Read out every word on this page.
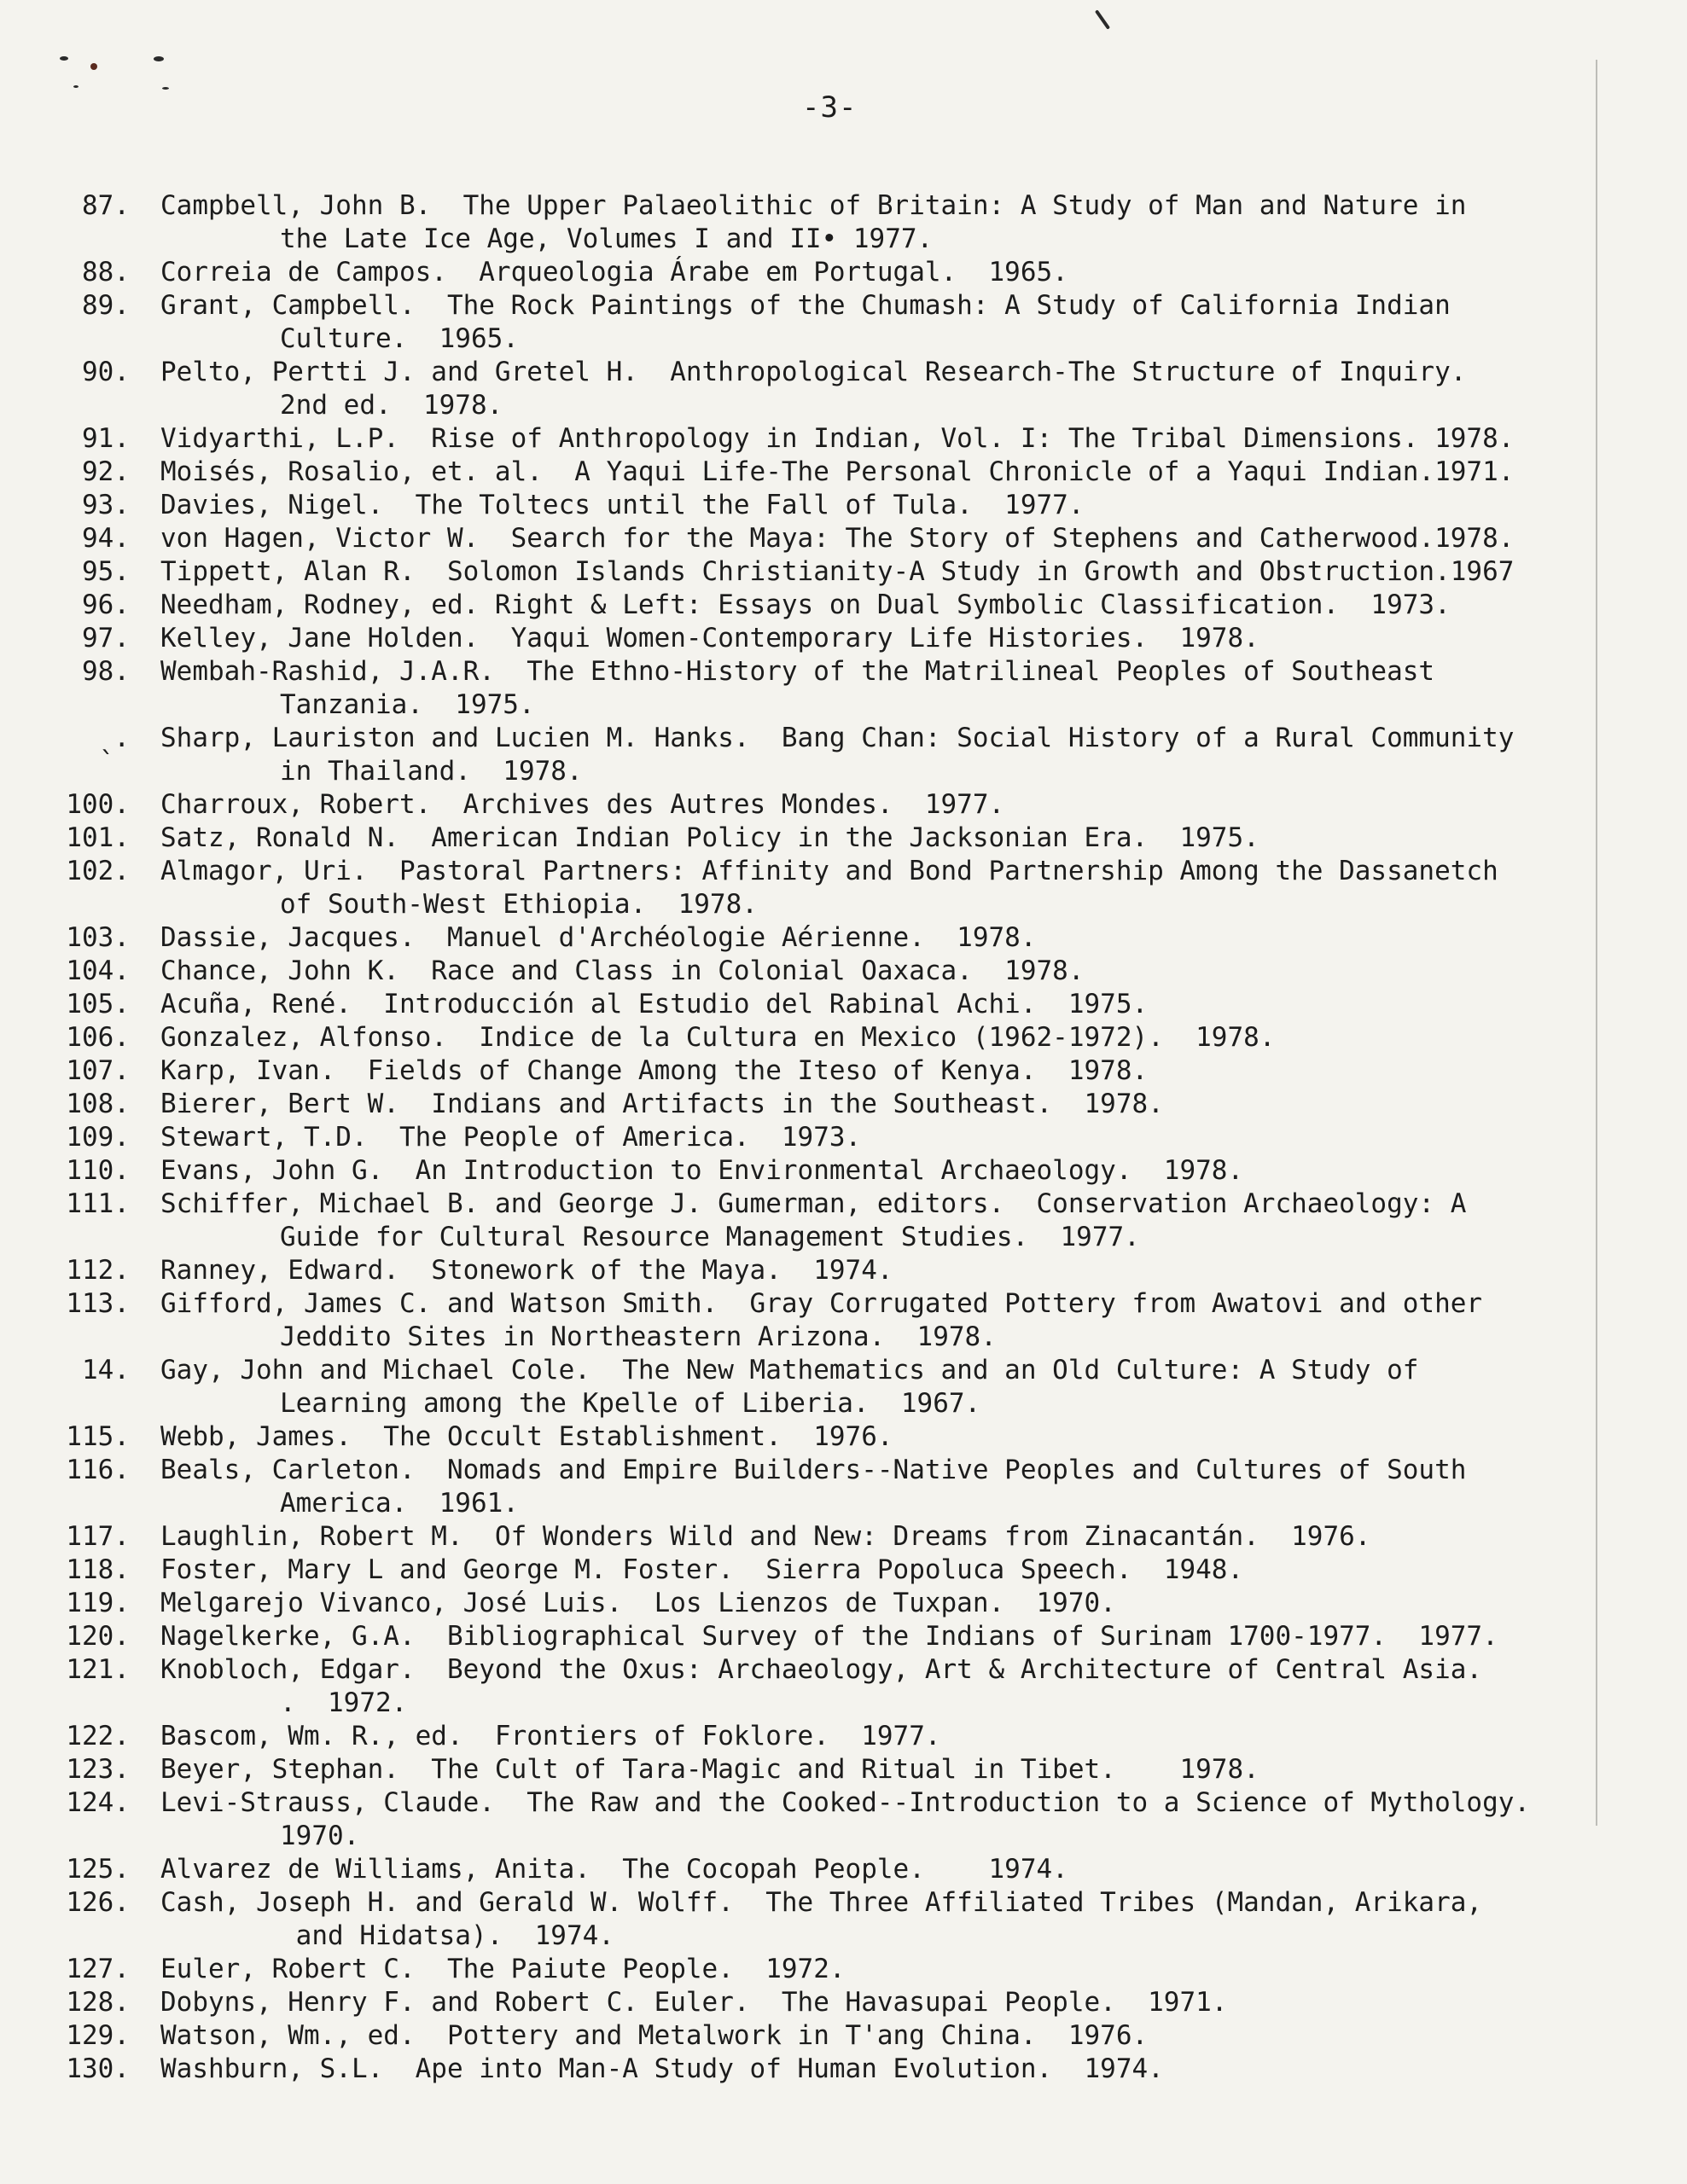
-3-
87.	Campbell, John B.  The Upper Palaeolithic of Britain: A Study of Man and Nature in
the Late Ice Age, Volumes I and II• 1977.
88.	Correia de Campos.  Arqueologia Árabe em Portugal.  1965.
89.	Grant, Campbell.  The Rock Paintings of the Chumash: A Study of California Indian
Culture.  1965.
90.	Pelto, Pertti J. and Gretel H.  Anthropological Research-The Structure of Inquiry.
2nd ed.  1978.
91.	Vidyarthi, L.P.  Rise of Anthropology in Indian, Vol. I: The Tribal Dimensions. 1978.
92.	Moisés, Rosalio, et. al.  A Yaqui Life-The Personal Chronicle of a Yaqui Indian.1971.
93.	Davies, Nigel.  The Toltecs until the Fall of Tula.  1977.
94.	von Hagen, Victor W.  Search for the Maya: The Story of Stephens and Catherwood.1978.
95.	Tippett, Alan R.  Solomon Islands Christianity-A Study in Growth and Obstruction.1967
96.	Needham, Rodney, ed. Right & Left: Essays on Dual Symbolic Classification.  1973.
97.	Kelley, Jane Holden.  Yaqui Women-Contemporary Life Histories.  1978.
98.	Wembah-Rashid, J.A.R.  The Ethno-History of the Matrilineal Peoples of Southeast
Tanzania.  1975.
ˎ.	Sharp, Lauriston and Lucien M. Hanks.  Bang Chan: Social History of a Rural Community
in Thailand.  1978.
100.	Charroux, Robert.  Archives des Autres Mondes.  1977.
101.	Satz, Ronald N.  American Indian Policy in the Jacksonian Era.  1975.
102.	Almagor, Uri.  Pastoral Partners: Affinity and Bond Partnership Among the Dassanetch
of South-West Ethiopia.  1978.
103.	Dassie, Jacques.  Manuel d'Archéologie Aérienne.  1978.
104.	Chance, John K.  Race and Class in Colonial Oaxaca.  1978.
105.	Acuña, René.  Introducción al Estudio del Rabinal Achi.  1975.
106.	Gonzalez, Alfonso.  Indice de la Cultura en Mexico (1962-1972).  1978.
107.	Karp, Ivan.  Fields of Change Among the Iteso of Kenya.  1978.
108.	Bierer, Bert W.  Indians and Artifacts in the Southeast.  1978.
109.	Stewart, T.D.  The People of America.  1973.
110.	Evans, John G.  An Introduction to Environmental Archaeology.  1978.
111.	Schiffer, Michael B. and George J. Gumerman, editors.  Conservation Archaeology: A
Guide for Cultural Resource Management Studies.  1977.
112.	Ranney, Edward.  Stonework of the Maya.  1974.
113.	Gifford, James C. and Watson Smith.  Gray Corrugated Pottery from Awatovi and other
Jeddito Sites in Northeastern Arizona.  1978.
14.	Gay, John and Michael Cole.  The New Mathematics and an Old Culture: A Study of
Learning among the Kpelle of Liberia.  1967.
115.	Webb, James.  The Occult Establishment.  1976.
116.	Beals, Carleton.  Nomads and Empire Builders--Native Peoples and Cultures of South
America.  1961.
117.	Laughlin, Robert M.  Of Wonders Wild and New: Dreams from Zinacantán.  1976.
118.	Foster, Mary L and George M. Foster.  Sierra Popoluca Speech.  1948.
119.	Melgarejo Vivanco, José Luis.  Los Lienzos de Tuxpan.  1970.
120.	Nagelkerke, G.A.  Bibliographical Survey of the Indians of Surinam 1700-1977.  1977.
121.	Knobloch, Edgar.  Beyond the Oxus: Archaeology, Art & Architecture of Central Asia.
.  1972.
122.	Bascom, Wm. R., ed.  Frontiers of Foklore.  1977.
123.	Beyer, Stephan.  The Cult of Tara-Magic and Ritual in Tibet.    1978.
124.	Levi-Strauss, Claude.  The Raw and the Cooked--Introduction to a Science of Mythology.
1970.
125.	Alvarez de Williams, Anita.  The Cocopah People.    1974.
126.	Cash, Joseph H. and Gerald W. Wolff.  The Three Affiliated Tribes (Mandan, Arikara,
and Hidatsa).  1974.
127.	Euler, Robert C.  The Paiute People.  1972.
128.	Dobyns, Henry F. and Robert C. Euler.  The Havasupai People.  1971.
129.	Watson, Wm., ed.  Pottery and Metalwork in T'ang China.  1976.
130.	Washburn, S.L.  Ape into Man-A Study of Human Evolution.  1974.
